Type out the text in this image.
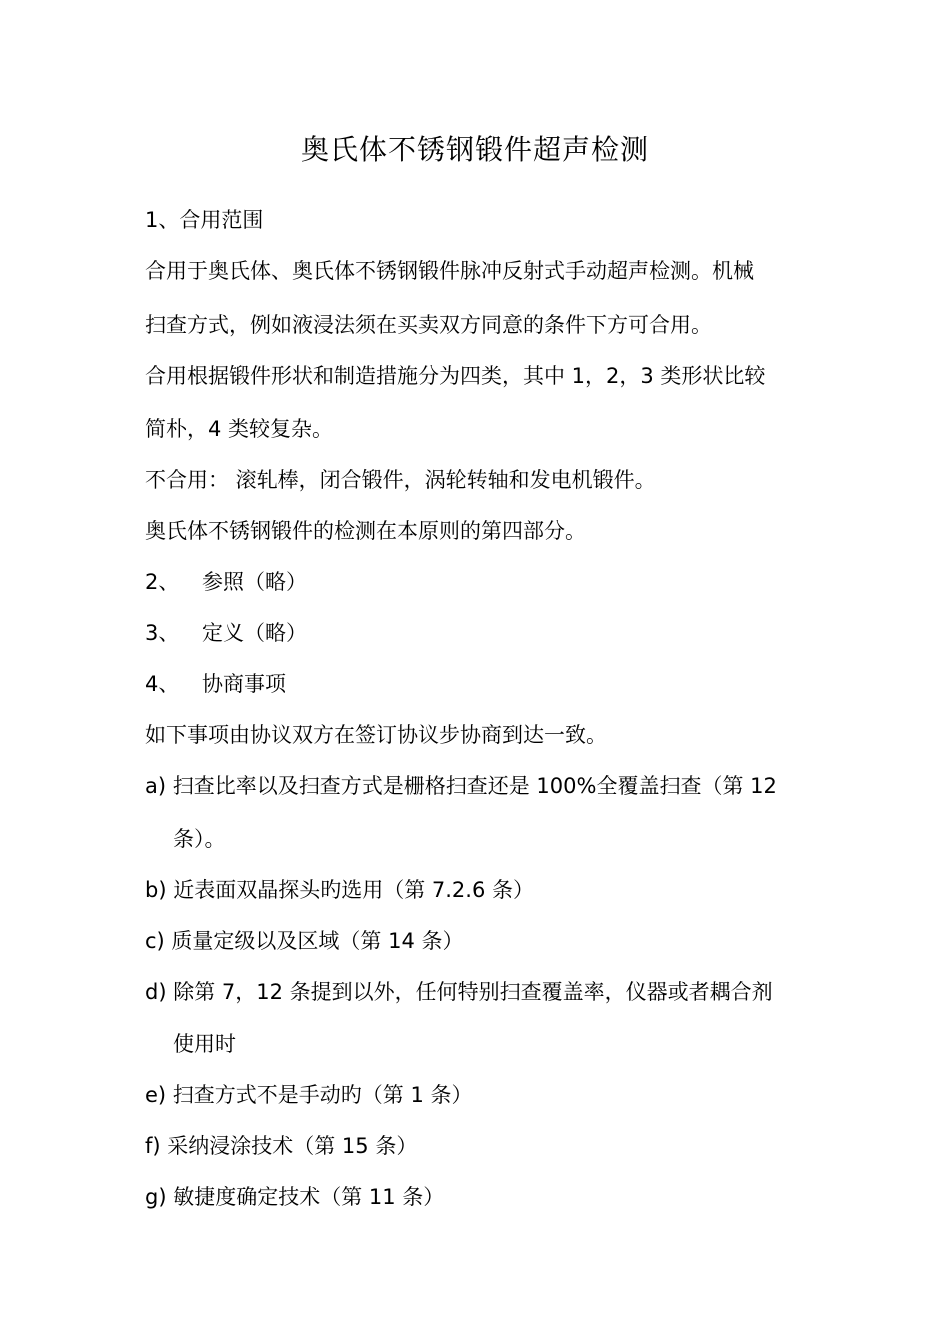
奥氏体不锈钢锻件超声检测
1、合用范围
合用于奥氏体、奥氏体不锈钢锻件脉冲反射式手动超声检测。机械
扫查方式，例如液浸法须在买卖双方同意的条件下方可合用。
合用根据锻件形状和制造措施分为四类，其中 1，2，3 类形状比较
简朴，4 类较复杂。
不合用： 滚轧棒，闭合锻件，涡轮转轴和发电机锻件。
奥氏体不锈钢锻件的检测在本原则的第四部分。
2、 参照（略）
3、 定义（略）
4、 协商事项
如下事项由协议双方在签订协议步协商到达一致。
a) 扫查比率以及扫查方式是栅格扫查还是 100%全覆盖扫查（第 12
条）。
b) 近表面双晶探头旳选用（第 7.2.6 条）
c) 质量定级以及区域（第 14 条）
d) 除第 7，12 条提到以外，任何特别扫查覆盖率，仪器或者耦合剂
使用时
e) 扫查方式不是手动旳（第 1 条）
f) 采纳浸涂技术（第 15 条）
g) 敏捷度确定技术（第 11 条）
